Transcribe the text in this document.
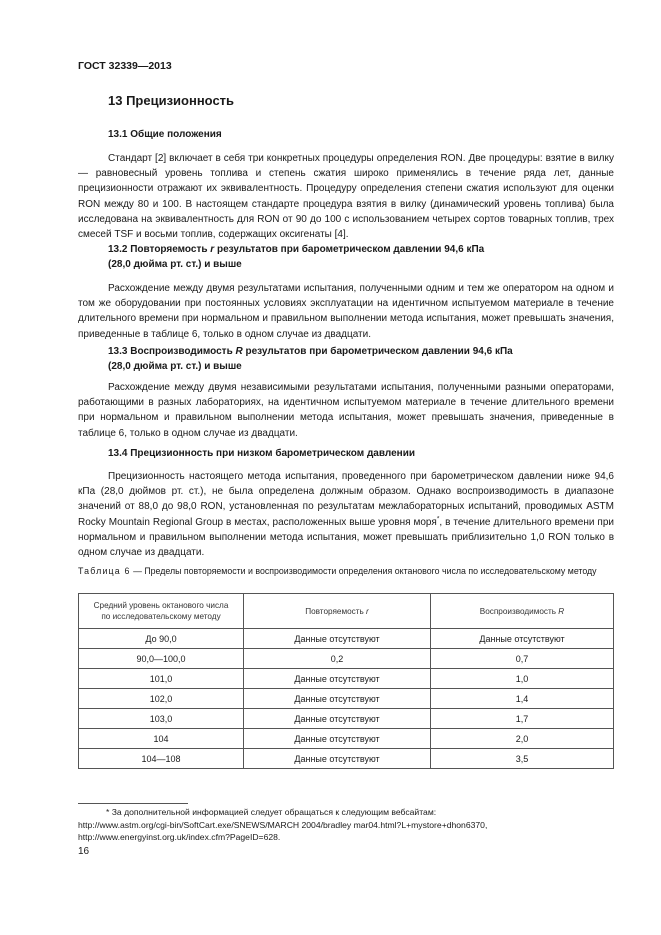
ГОСТ 32339—2013
13 Прецизионность
13.1 Общие положения
Стандарт [2] включает в себя три конкретных процедуры определения RON. Две процедуры: взятие в вилку — равновесный уровень топлива и степень сжатия широко применялись в течение ряда лет, данные прецизионности отражают их эквивалентность. Процедуру определения степени сжатия используют для оценки RON между 80 и 100. В настоящем стандарте процедура взятия в вилку (динамический уровень топлива) была исследована на эквивалентность для RON от 90 до 100 с использованием четырех сортов товарных топлив, трех смесей TSF и восьми топлив, содержащих оксигенаты [4].
13.2 Повторяемость r результатов при барометрическом давлении 94,6 кПа
(28,0 дюйма рт. ст.) и выше
Расхождение между двумя результатами испытания, полученными одним и тем же оператором на одном и том же оборудовании при постоянных условиях эксплуатации на идентичном испытуемом материале в течение длительного времени при нормальном и правильном выполнении метода испытания, может превышать значения, приведенные в таблице 6, только в одном случае из двадцати.
13.3 Воспроизводимость R результатов при барометрическом давлении 94,6 кПа
(28,0 дюйма рт. ст.) и выше
Расхождение между двумя независимыми результатами испытания, полученными разными операторами, работающими в разных лабораториях, на идентичном испытуемом материале в течение длительного времени при нормальном и правильном выполнении метода испытания, может превышать значения, приведенные в таблице 6, только в одном случае из двадцати.
13.4 Прецизионность при низком барометрическом давлении
Прецизионность настоящего метода испытания, проведенного при барометрическом давлении ниже 94,6 кПа (28,0 дюймов рт. ст.), не была определена должным образом. Однако воспроизводимость в диапазоне значений от 88,0 до 98,0 RON, установленная по результатам межлабораторных испытаний, проводимых ASTM Rocky Mountain Regional Group в местах, расположенных выше уровня моря*, в течение длительного времени при нормальном и правильном выполнении метода испытания, может превышать приблизительно 1,0 RON только в одном случае из двадцати.
Таблица 6 — Пределы повторяемости и воспроизводимости определения октанового числа по исследовательскому методу
Средний уровень октанового числа
по исследовательскому методу	Повторяемость r	Воспроизводимость R
До 90,0	Данные отсутствуют	Данные отсутствуют
90,0—100,0	0,2	0,7
101,0	Данные отсутствуют	1,0
102,0	Данные отсутствуют	1,4
103,0	Данные отсутствуют	1,7
104	Данные отсутствуют	2,0
104—108	Данные отсутствуют	3,5
* За дополнительной информацией следует обращаться к следующим вебсайтам:
http://www.astm.org/cgi-bin/SoftCart.exe/SNEWS/MARCH 2004/bradley mar04.html?L+mystore+dhon6370,
http://www.energyinst.org.uk/index.cfm?PageID=628.
16
